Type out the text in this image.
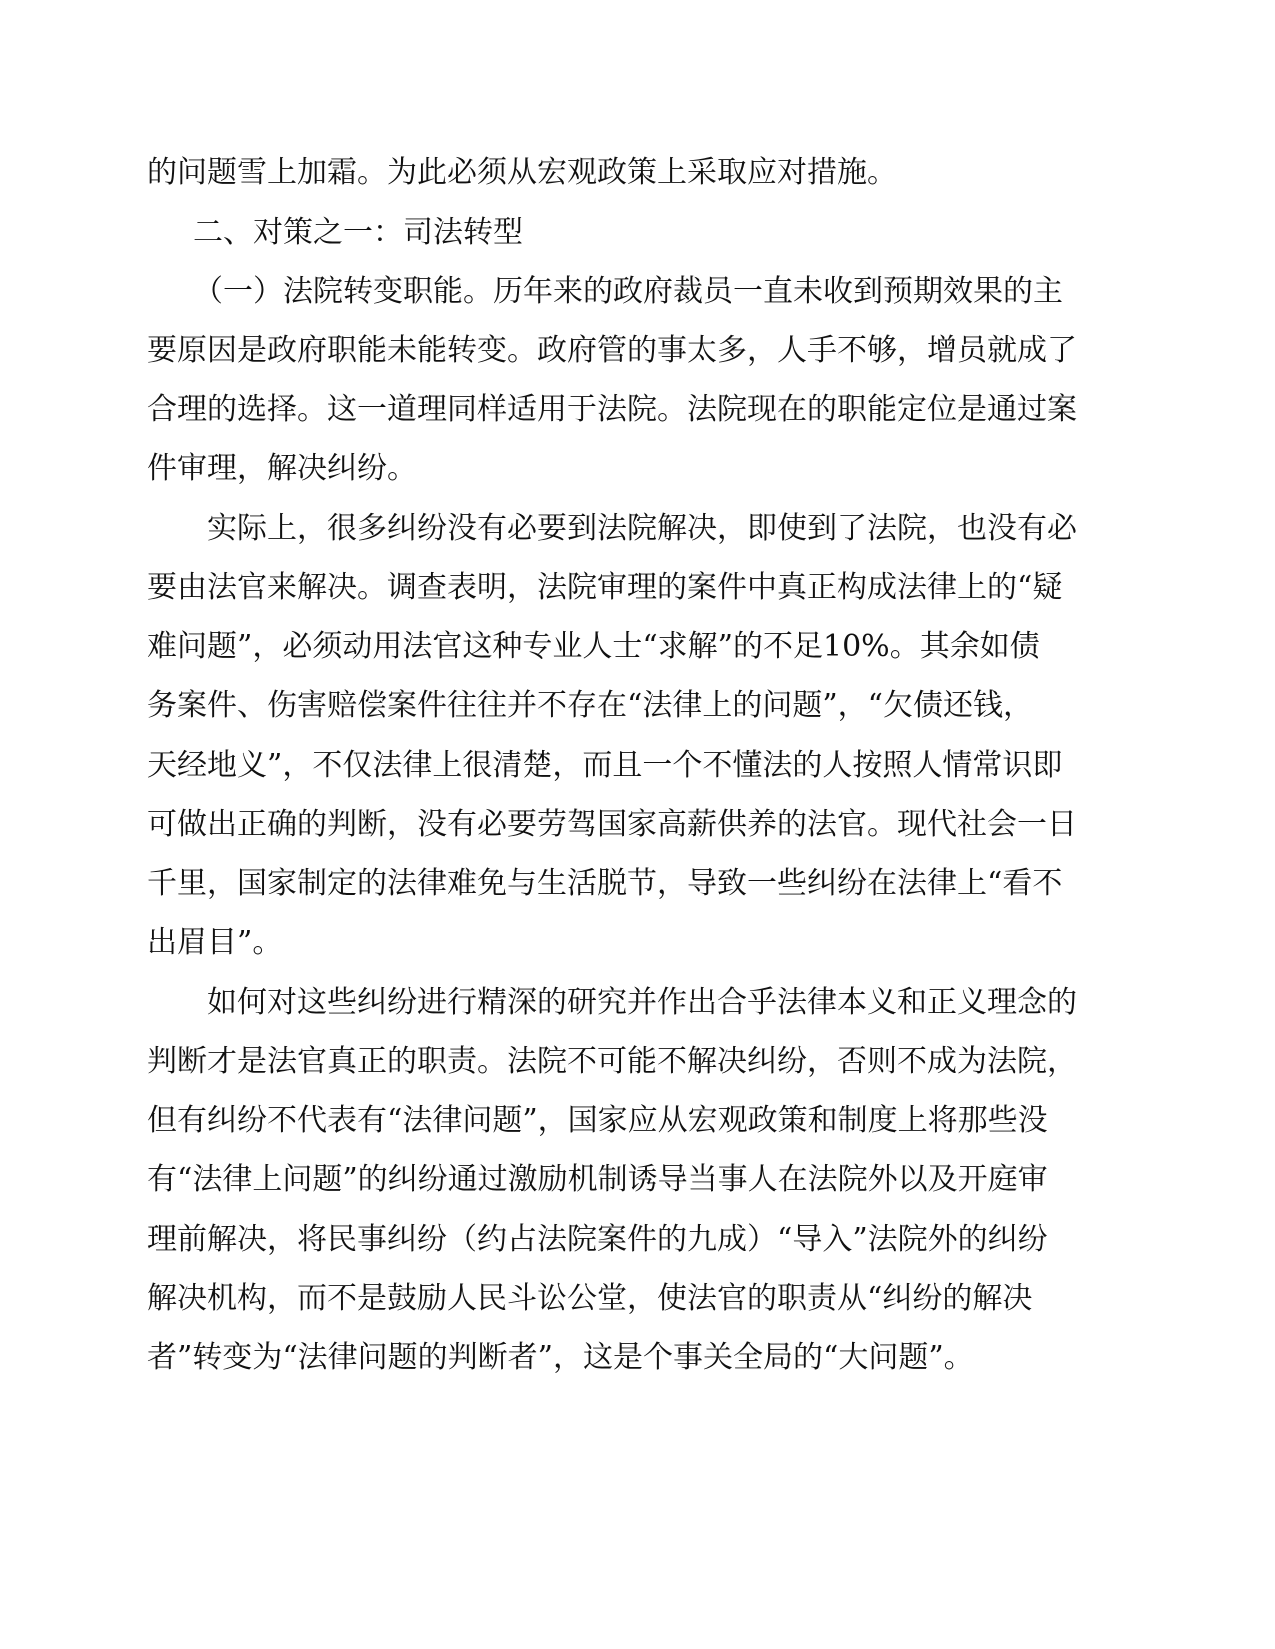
的问题雪上加霜。为此必须从宏观政策上采取应对措施。
二、对策之一：司法转型
（一）法院转变职能。历年来的政府裁员一直未收到预期效果的主
要原因是政府职能未能转变。政府管的事太多，人手不够，增员就成了
合理的选择。这一道理同样适用于法院。法院现在的职能定位是通过案
件审理，解决纠纷。
实际上，很多纠纷没有必要到法院解决，即使到了法院，也没有必
要由法官来解决。调查表明，法院审理的案件中真正构成法律上的“疑
难问题”，必须动用法官这种专业人士“求解”的不足10%。其余如债
务案件、伤害赔偿案件往往并不存在“法律上的问题”，“欠债还钱，
天经地义”，不仅法律上很清楚，而且一个不懂法的人按照人情常识即
可做出正确的判断，没有必要劳驾国家高薪供养的法官。现代社会一日
千里，国家制定的法律难免与生活脱节，导致一些纠纷在法律上“看不
出眉目”。
如何对这些纠纷进行精深的研究并作出合乎法律本义和正义理念的
判断才是法官真正的职责。法院不可能不解决纠纷，否则不成为法院，
但有纠纷不代表有“法律问题”，国家应从宏观政策和制度上将那些没
有“法律上问题”的纠纷通过激励机制诱导当事人在法院外以及开庭审
理前解决，将民事纠纷（约占法院案件的九成）“导入”法院外的纠纷
解决机构，而不是鼓励人民斗讼公堂，使法官的职责从“纠纷的解决
者”转变为“法律问题的判断者”，这是个事关全局的“大问题”。
